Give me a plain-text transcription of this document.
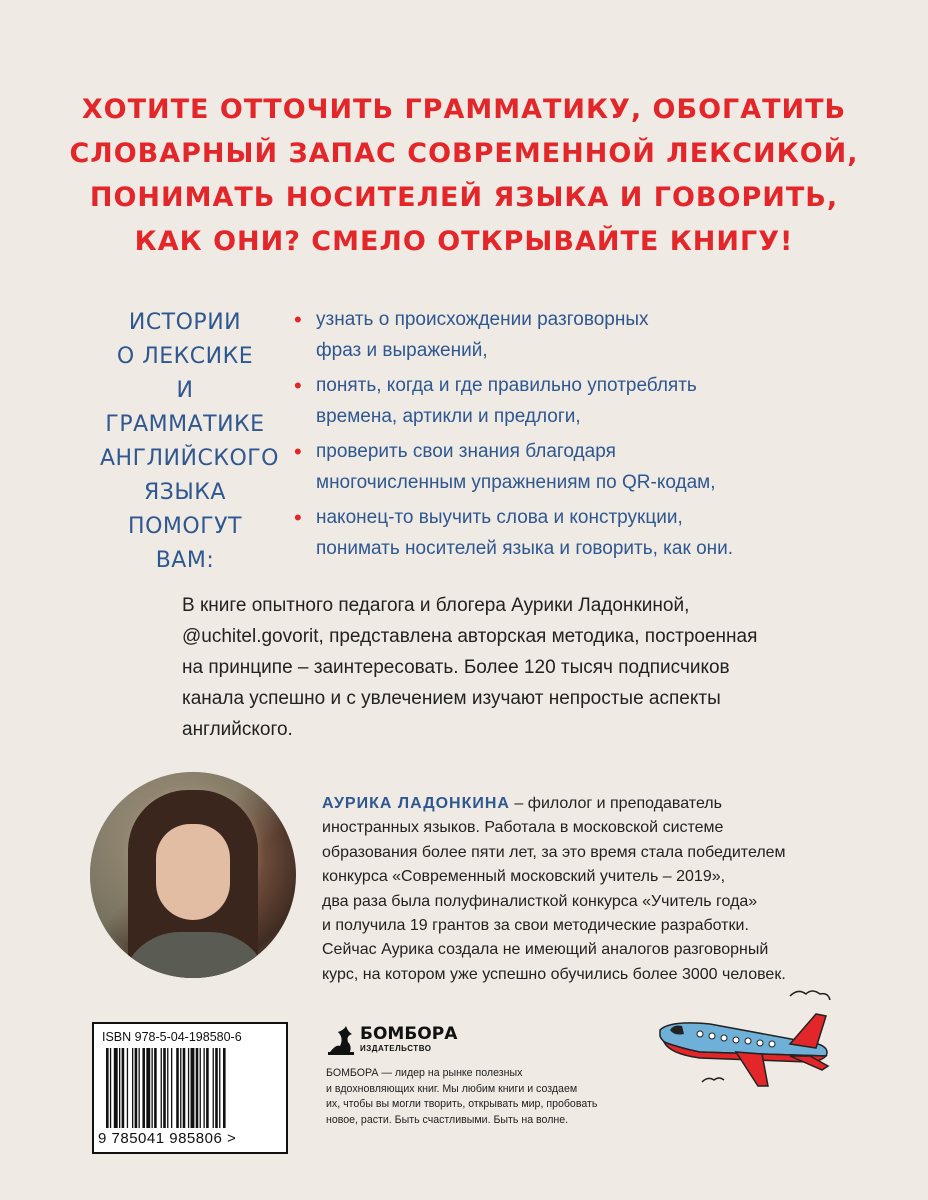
ХОТИТЕ ОТТОЧИТЬ ГРАММАТИКУ, ОБОГАТИТЬ
СЛОВАРНЫЙ ЗАПАС СОВРЕМЕННОЙ ЛЕКСИКОЙ,
ПОНИМАТЬ НОСИТЕЛЕЙ ЯЗЫКА И ГОВОРИТЬ,
КАК ОНИ? СМЕЛО ОТКРЫВАЙТЕ КНИГУ!
ИСТОРИИ
О ЛЕКСИКЕ
И ГРАММАТИКЕ
АНГЛИЙСКОГО
ЯЗЫКА
ПОМОГУТ
ВАМ:
• узнать о происхождении разговорных
фраз и выражений,
• понять, когда и где правильно употреблять
времена, артикли и предлоги,
• проверить свои знания благодаря
многочисленным упражнениям по QR-кодам,
• наконец-то выучить слова и конструкции,
понимать носителей языка и говорить, как они.
В книге опытного педагога и блогера Аурики Ладонкиной,
@uchitel.govorit, представлена авторская методика, построенная
на принципе – заинтересовать. Более 120 тысяч подписчиков
канала успешно и с увлечением изучают непростые аспекты
английского.
АУРИКА ЛАДОНКИНА – филолог и преподаватель
иностранных языков. Работала в московской системе
образования более пяти лет, за это время стала победителем
конкурса «Современный московский учитель – 2019»,
два раза была полуфиналисткой конкурса «Учитель года»
и получила 19 грантов за свои методические разработки.
Сейчас Аурика создала не имеющий аналогов разговорный
курс, на котором уже успешно обучились более 3000 человек.
ISBN 978-5-04-198580-6
9 785041 985806 >
БОМБОРА
ИЗДАТЕЛЬСТВО
БОМБОРА — лидер на рынке полезных
и вдохновляющих книг. Мы любим книги и создаем
их, чтобы вы могли творить, открывать мир, пробовать
новое, расти. Быть счастливыми. Быть на волне.
